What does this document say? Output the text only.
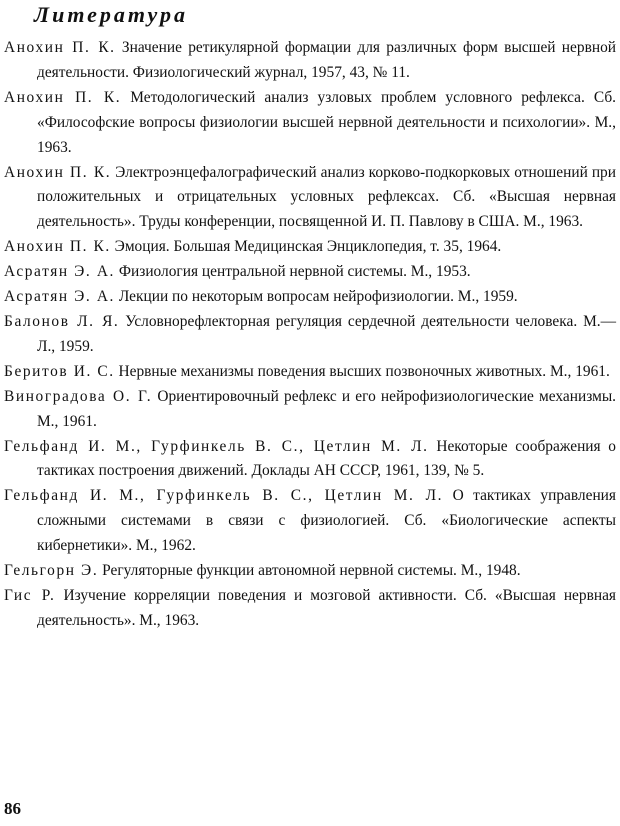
Литература

Анохин П. К. Значение ретикулярной формации для различных форм высшей нервной деятельности. Физиологический журнал, 1957, 43, № 11.

Анохин П. К. Методологический анализ узловых проблем условного рефлекса. Сб. «Философские вопросы физиологии высшей нервной деятельности и психологии». М., 1963.

Анохин П. К. Электроэнцефалографический анализ корково-подкорковых отношений при положительных и отрицательных условных рефлексах. Сб. «Высшая нервная деятельность». Труды конференции, посвященной И. П. Павлову в США. М., 1963.

Анохин П. К. Эмоция. Большая Медицинская Энциклопедия, т. 35, 1964.

Асратян Э. А. Физиология центральной нервной системы. М., 1953.

Асратян Э. А. Лекции по некоторым вопросам нейрофизиологии. М., 1959.

Балонов Л. Я. Условнорефлекторная регуляция сердечной деятельности человека. М.— Л., 1959.

Беритов И. С. Нервные механизмы поведения высших позвоночных животных. М., 1961.

Виноградова О. Г. Ориентировочный рефлекс и его нейрофизиологические механизмы. М., 1961.

Гельфанд И. М., Гурфинкель В. С., Цетлин М. Л. Некоторые соображения о тактиках построения движений. Доклады АН СССР, 1961, 139, № 5.

Гельфанд И. М., Гурфинкель В. С., Цетлин М. Л. О тактиках управления сложными системами в связи с физиологией. Сб. «Биологические аспекты кибернетики». М., 1962.

Гельгорн Э. Регуляторные функции автономной нервной системы. М., 1948.

Гис Р. Изучение корреляции поведения и мозговой активности. Сб. «Высшая нервная деятельность». М., 1963.

86
